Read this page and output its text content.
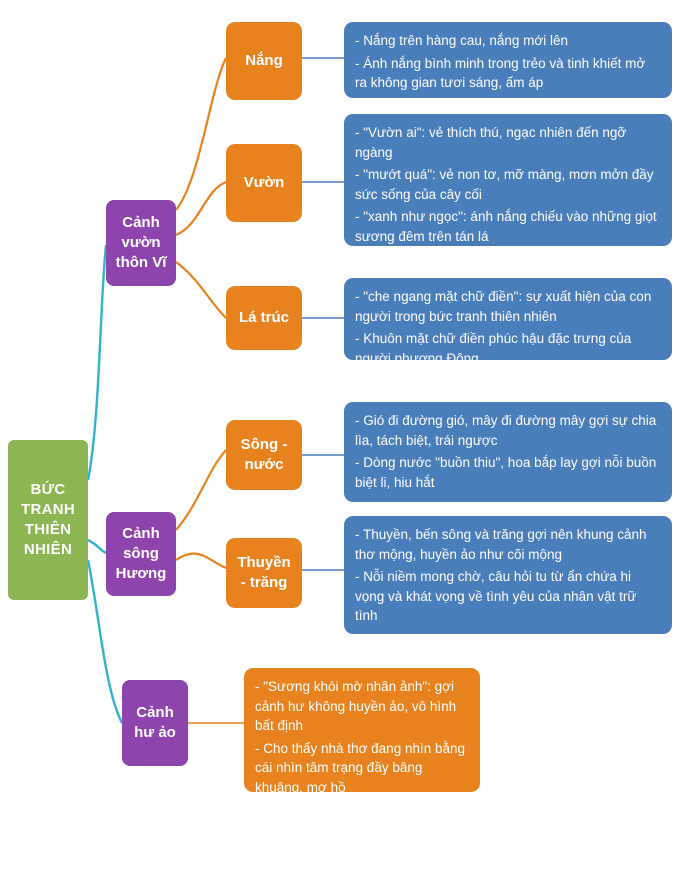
BỨC TRANH THIÊN NHIÊN
Cảnh vườn thôn Vĩ
Nắng

- Nắng trên hàng cau, nắng mới lên

- Ánh nắng bình minh trong trẻo và tinh khiết mở ra không gian tươi sáng, ấm áp

Vườn

- "Vườn ai": vẻ thích thú, ngạc nhiên đến ngỡ ngàng

- "mướt quá": vẻ non tơ, mỡ màng, mơn mởn đầy sức sống của cây cối

- "xanh như ngọc": ánh nắng chiếu vào những giọt sương đêm trên tán lá

Lá trúc

- "che ngang mặt chữ điền": sự xuất hiện của con người trong bức tranh thiên nhiên

- Khuôn mặt chữ điền phúc hậu đặc trưng của người phương Đông

Cảnh sông Hương
Sông - nước

- Gió đi đường gió, mây đi đường mây gợi sự chia lìa, tách biệt, trái ngược

- Dòng nước "buồn thiu", hoa bắp lay gợi nỗi buồn biệt li, hiu hắt

Thuyền - trăng

- Thuyền, bến sông và trăng gợi nên khung cảnh thơ mộng, huyền ảo như cõi mộng

- Nỗi niềm mong chờ, câu hỏi tu từ ẩn chứa hi vọng và khát vọng về tình yêu của nhân vật trữ tình

Cảnh hư ảo

- "Sương khói mờ nhân ảnh": gợi cảnh hư không huyền ảo, vô hình bất định

- Cho thấy nhà thơ đang nhìn bằng cái nhìn tâm trạng đầy bâng khuâng, mơ hồ
